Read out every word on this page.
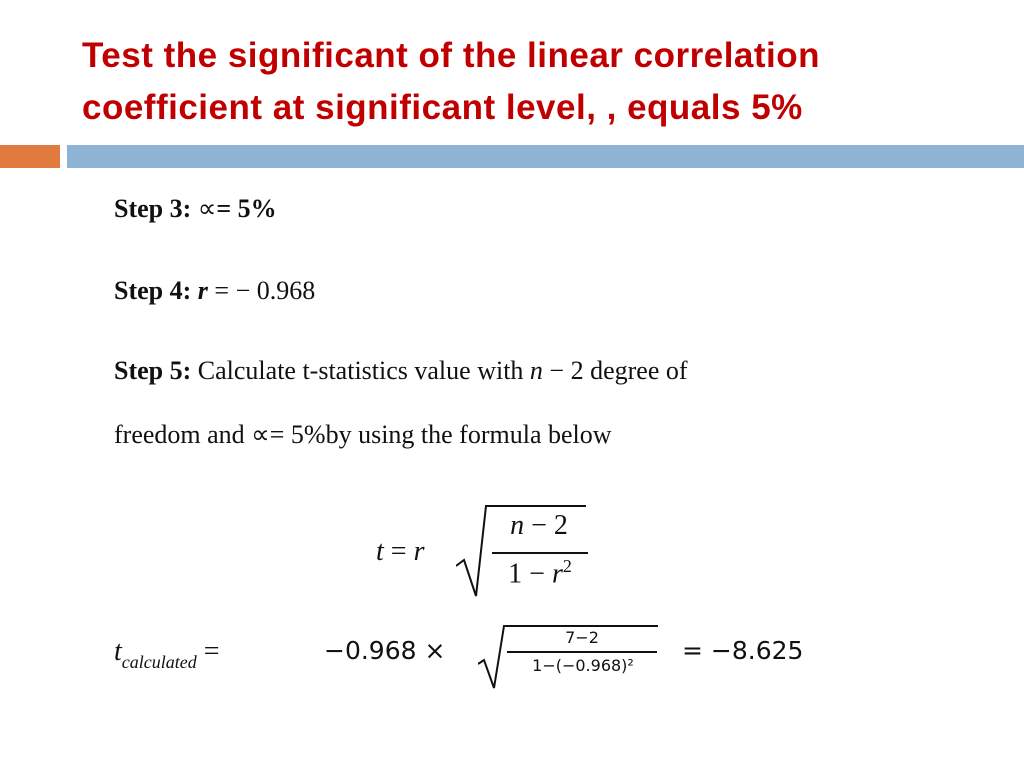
Test the significant of the linear correlation
coefficient at significant level, , equals 5%
Step 3: ∝= 5%
Step 4: r = − 0.968
Step 5: Calculate t-statistics value with n − 2 degree of
freedom and ∝= 5%by using the formula below
t = r
n − 2
$1 - r^2$
$t_{calculated}$ =	−0.968 ×	7−2
1−(−0.968)²
= −8.625
